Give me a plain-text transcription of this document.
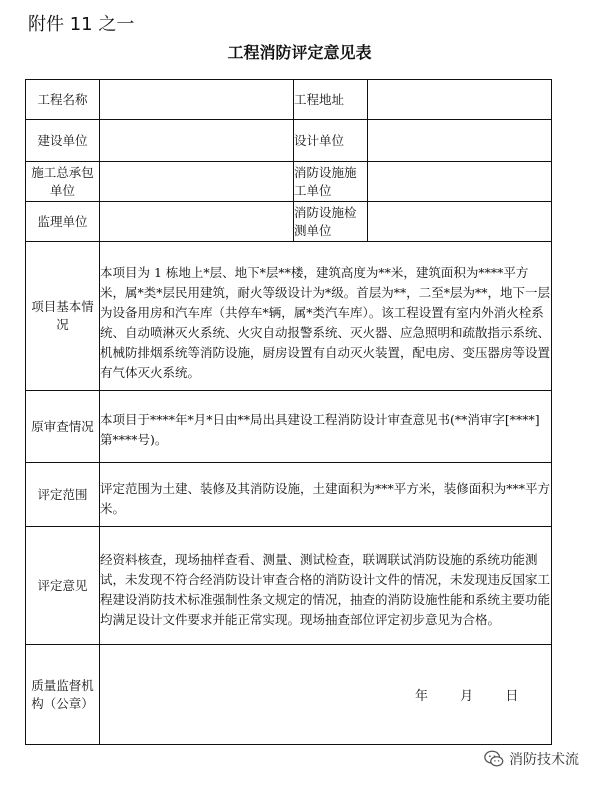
附件 11 之一
工程消防评定意见表
工程名称		工程地址	
建设单位		设计单位	
施工总承包单位		消防设施施工单位	
监理单位		消防设施检测单位	
项目基本情况	本项目为 1 栋地上*层、地下*层**楼，建筑高度为**米，建筑面积为****平方米，属*类*层民用建筑，耐火等级设计为*级。首层为**，二至*层为**，地下一层为设备用房和汽车库（共停车*辆，属*类汽车库）。该工程设置有室内外消火栓系统、自动喷淋灭火系统、火灾自动报警系统、灭火器、应急照明和疏散指示系统、机械防排烟系统等消防设施，厨房设置有自动灭火装置，配电房、变压器房等设置有气体灭火系统。		

原审查情况	本项目于****年*月*日由**局出具建设工程消防设计审查意见书(**消审字[****]第****号)。		

评定范围	评定范围为土建、装修及其消防设施，土建面积为***平方米，装修面积为***平方米。		

评定意见	经资料核查，现场抽样查看、测量、测试检查，联调联试消防设施的系统功能测试，未发现不符合经消防设计审查合格的消防设计文件的情况，未发现违反国家工程建设消防技术标准强制性条文规定的情况，抽查的消防设施性能和系统主要功能均满足设计文件要求并能正常实现。现场抽查部位评定初步意见为合格。		

质量监督机构（公章）				年 月 日
消防技术流
